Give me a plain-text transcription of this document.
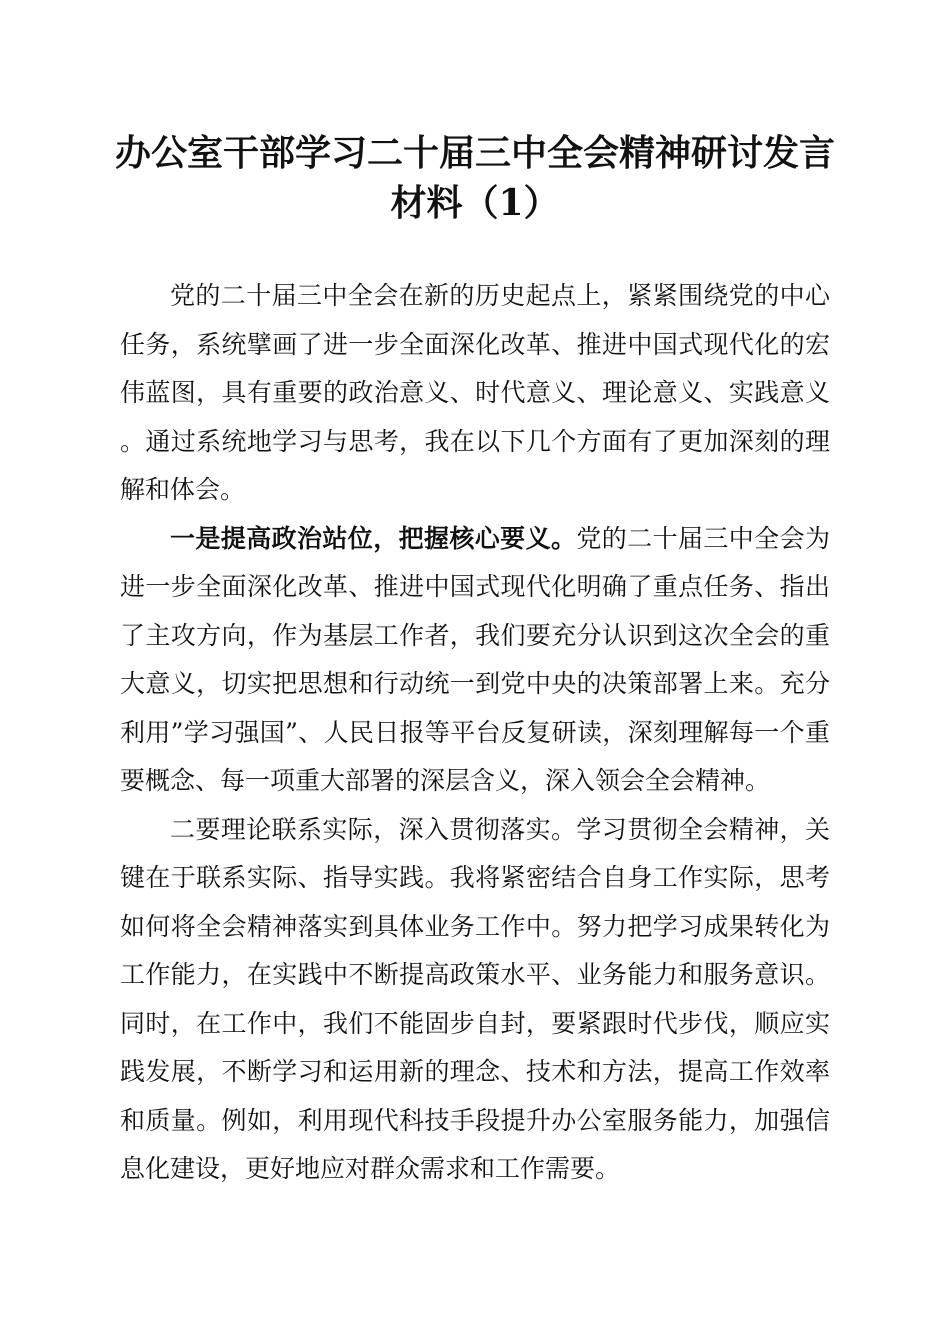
办公室干部学习二十届三中全会精神研讨发言
材料（1）

党的二十届三中全会在新的历史起点上，紧紧围绕党的中心任务，系统擘画了进一步全面深化改革、推进中国式现代化的宏伟蓝图，具有重要的政治意义、时代意义、理论意义、实践意义。通过系统地学习与思考，我在以下几个方面有了更加深刻的理解和体会。

一是提高政治站位，把握核心要义。党的二十届三中全会为进一步全面深化改革、推进中国式现代化明确了重点任务、指出了主攻方向，作为基层工作者，我们要充分认识到这次全会的重大意义，切实把思想和行动统一到党中央的决策部署上来。充分利用”学习强国”、人民日报等平台反复研读，深刻理解每一个重要概念、每一项重大部署的深层含义，深入领会全会精神。

二要理论联系实际，深入贯彻落实。学习贯彻全会精神，关键在于联系实际、指导实践。我将紧密结合自身工作实际，思考如何将全会精神落实到具体业务工作中。努力把学习成果转化为工作能力，在实践中不断提高政策水平、业务能力和服务意识。同时，在工作中，我们不能固步自封，要紧跟时代步伐，顺应实践发展，不断学习和运用新的理念、技术和方法，提高工作效率和质量。例如，利用现代科技手段提升办公室服务能力，加强信息化建设，更好地应对群众需求和工作需要。
